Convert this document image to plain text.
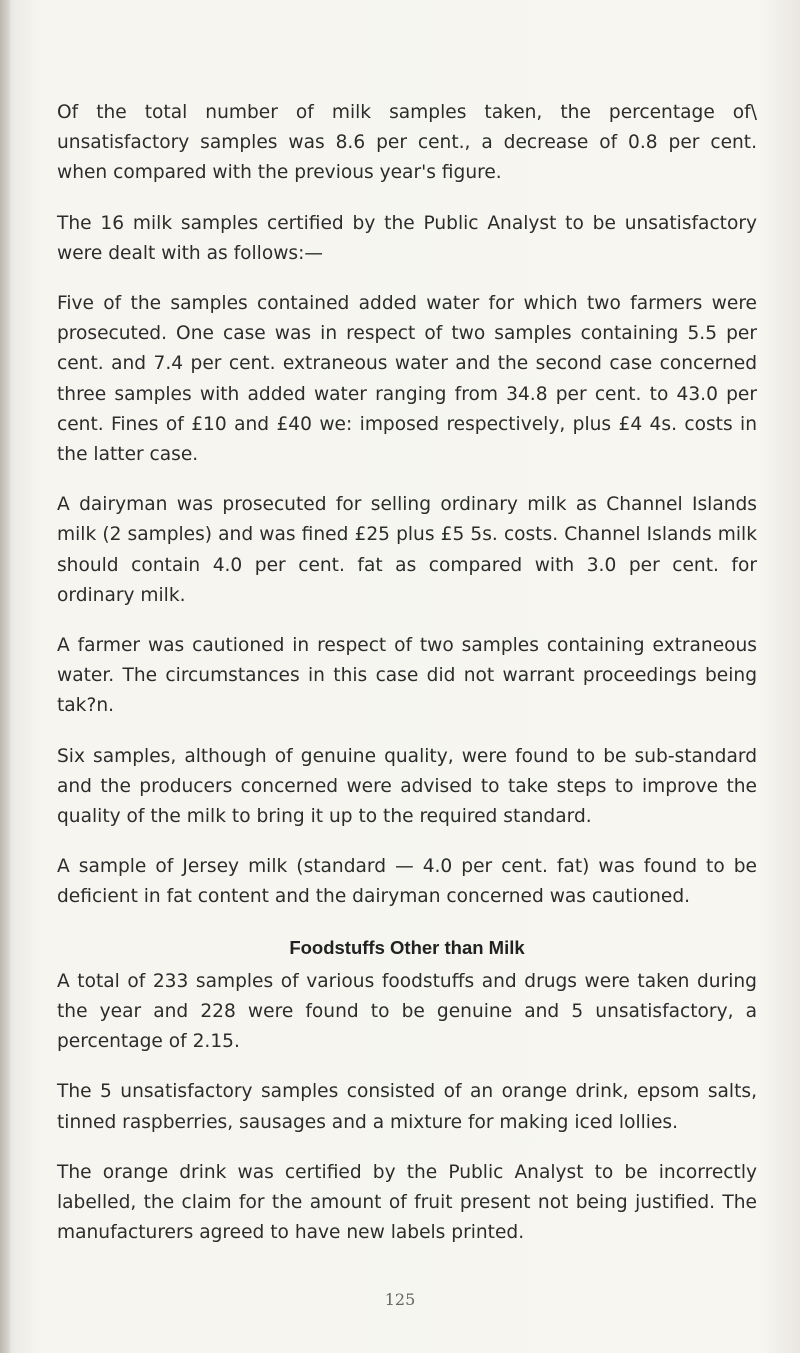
Of the total number of milk samples taken, the percentage of\ unsatisfactory samples was 8.6 per cent., a decrease of 0.8 per cent. when compared with the previous year's figure.

The 16 milk samples certified by the Public Analyst to be unsatisfactory were dealt with as follows:—

Five of the samples contained added water for which two farmers were prosecuted. One case was in respect of two samples containing 5.5 per cent. and 7.4 per cent. extraneous water and the second case concerned three samples with added water ranging from 34.8 per cent. to 43.0 per cent. Fines of £10 and £40 we: imposed respectively, plus £4 4s. costs in the latter case.

A dairyman was prosecuted for selling ordinary milk as Channel Islands milk (2 samples) and was fined £25 plus £5 5s. costs. Channel Islands milk should contain 4.0 per cent. fat as compared with 3.0 per cent. for ordinary milk.

A farmer was cautioned in respect of two samples containing extraneous water. The circumstances in this case did not warrant proceedings being tak?n.

Six samples, although of genuine quality, were found to be sub-standard and the producers concerned were advised to take steps to improve the quality of the milk to bring it up to the required standard.

A sample of Jersey milk (standard — 4.0 per cent. fat) was found to be deficient in fat content and the dairyman concerned was cautioned.

Foodstuffs Other than Milk

A total of 233 samples of various foodstuffs and drugs were taken during the year and 228 were found to be genuine and 5 unsatisfactory, a percentage of 2.15.

The 5 unsatisfactory samples consisted of an orange drink, epsom salts, tinned raspberries, sausages and a mixture for making iced lollies.

The orange drink was certified by the Public Analyst to be incorrectly labelled, the claim for the amount of fruit present not being justified. The manufacturers agreed to have new labels printed.

125
